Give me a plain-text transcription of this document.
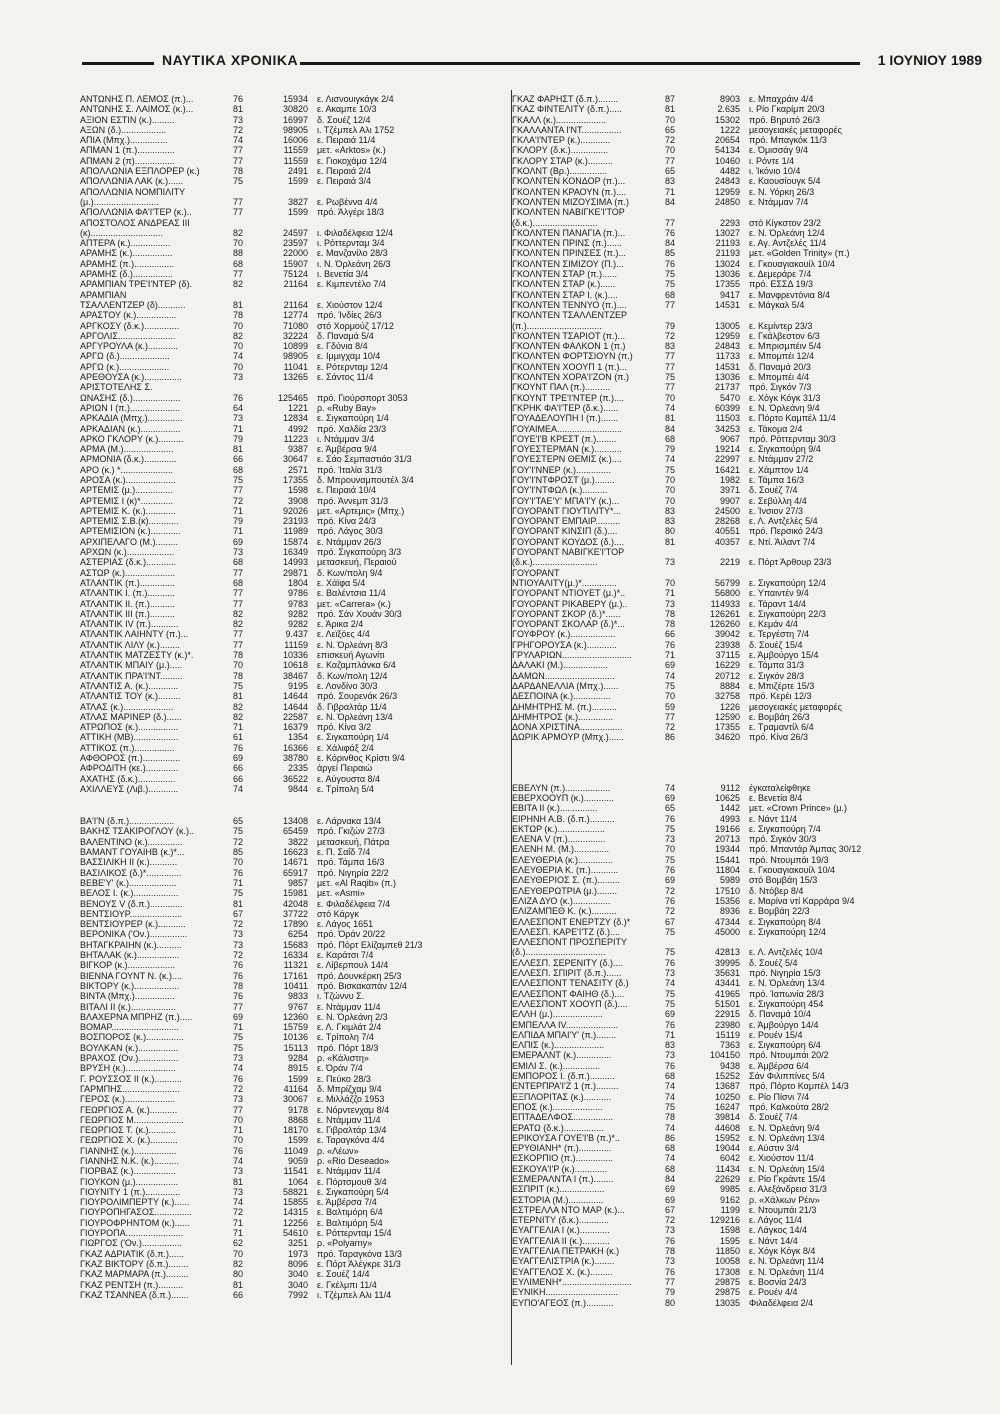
ΝΑΥΤΙΚΑ ΧΡΟΝΙΚΑ	1 ΙΟΥΝΙΟΥ 1989
ΑΝΤΩΝΗΣ Π. ΛΕΜΟΣ (π.)...	76	15934 ε. Λισνουιγκάγκ 2/4
ΑΝΤΩΝΗΣ Σ. ΛΑΙΜΟΣ (κ.)...	81	30820 ε. Ακαμπε 10/3
ΑΞΙΟΝ ΕΣΤΙΝ (κ.).........	73	16997 δ. Σουέζ 12/4
ΑΞΩΝ (δ.)..................	72	98905 ι. Τζέμπελ Αλι 1752
ΑΠΙΑ (Μπχ.)...............	74	16006 ε. Πειραιά 11/4
ΑΠΜΑΝ 1 (π.)...............	77	11559 μετ. «Arktos» (κ.)
ΑΠΜΑΝ 2 (π)................	77	11559 ε. Γιοκοχάμα 12/4
ΑΠΟΛΛΩΝΙΑ ΕΞΠΛΟΡΕΡ (κ.)	78	2491 ε. Πειραιά 2/4
ΑΠΟΛΛΩΝΙΑ ΛΑΚ (κ.)......	75	1599 ε. Πειραιά 3/4
ΑΠΟΛΛΩΝΙΑ ΝΟΜΠΙΛΙΤΥ
(μ.)..........................	77	3827 ε. Ρωβέννα 4/4
ΑΠΟΛΛΩΝΙΑ ΦΑ'Ι'ΤΕΡ (κ.)..	77	1599 πρό. Άλγέρι 18/3
ΑΠΟΣΤΟΛΟΣ ΑΝΔΡΕΑΣ III
(κ).............................	82	24597 ι. Φιλαδέλφεια 12/4
ΑΠΤΕΡΑ (κ.)................	70	23597 ι. Ρόττερνταμ 3/4
ΑΡΑΜΗΣ (κ.)................	88	22000 ε. Μανζανίλο 28/3
ΑΡΑΜΗΣ (π.)................	68	15907 ι. Ν. Όρλεάνη 26/3
ΑΡΑΜΗΣ (δ.)................	77	75124 ι. Βενετία 3/4
ΑΡΑΜΠΙΑΝ ΤΡΕ'Ι'ΝΤΕΡ (δ).	82	21164 ε. Κιμπεντέλο 7/4
ΑΡΑΜΠΙΑΝ
ΤΣΑΛΛΕΝΤΖΕΡ (δ)...........	81	21164 ε. Χιούστον 12/4
ΑΡΑΣΤΟΥ (κ.)................	78	12774 πρό. Ίνδίες 26/3
ΑΡΓΚΟΣΥ (δ.κ.)..............	70	71080 στό Χορμούζ 17/12
ΑΡΓΟΛΙΣ.......................	82	32224 δ. Παναμά 5/4
ΑΡΓΥΡΟΥΛΑ (κ.)............	70	10899 ε. Γδύνια 8/4
ΑΡΓΩ (δ.)....................	74	98905 ε. Ιμμιγχαμ 10/4
ΑΡΓΩ (κ.)....................	70	11041 ε. Ρότερνταμ 12/4
ΑΡΕΘΟΥΣΑ (κ.)...............	73	13265 ε. Σάντος 11/4
ΑΡΙΣΤΟΤΕΛΗΣ Σ.
ΩΝΑΣΗΣ (δ.)...................	76	125465 πρό. Γιούρσπορτ 3053
ΑΡΙΩΝ Ι (π.)....................	64	1221 ρ. «Ruby Bay»
ΑΡΚΑΔΙΑ (Μπχ.)..............	73	12834 ε. Σιγκαπούρη 1/4
ΑΡΚΑΔΙΑΝ (κ.)................	71	4992 πρό. Χαλδία 23/3
ΑΡΚΟ ΓΚΛΟΡΥ (κ.)..........	79	11223 ι. Ντάμμαν 3/4
ΑΡΜΑ (Μ.)....................	81	9387 ε. Άμβέρσα 9/4
ΑΡΜΟΝΙΑ (δ.κ.).............	66	30647 ε. Σάο Σεμπαστιάο 31/3
ΑΡΟ (κ.) *.....................	68	2571 πρό. Ίταλία 31/3
ΑΡΟΣΑ (κ.)....................	75	17355 δ. Μπρουναμπουτέλ 3/4
ΑΡΤΕΜΙΣ (μ.)...............	77	1598 ε. Πειραιά 10/4
ΑΡΤΕΜΙΣ Ι (κ)*.............	72	3908 πρό. Άννεμπ 31/3
ΑΡΤΕΜΙΣ Κ. (κ.)............	71	92026 μετ. «Αρτεμις» (Μπχ.)
ΑΡΤΕΜΙΣ Σ.Β.(κ)............	79	23193 πρό. Κίνα 24/3
ΑΡΤΕΜΙΣΙΟΝ (κ.)............	71	11989 πρό. Λάγος 30/3
ΑΡΧΙΠΕΛΑΓΟ (Μ.).........	69	15874 ε. Ντάμμαν 26/3
ΑΡΧΩΝ (κ.)...................	73	16349 πρό. Σιγκαπούρη 3/3
ΑΣΤΕΡΙΑΣ (δ.κ.)............	68	14993 μετασκευή, Περαιού
ΑΣΤΩΡ (κ.)....................	77	29871 δ. Κων/πολη 9/4
ΑΤΛΑΝΤΙΚ (π.)..............	68	1804 ε. Χάϊφα 5/4
ΑΤΛΑΝΤΙΚ Ι. (π.)...........	77	9786 ε. Βαλέντσια 11/4
ΑΤΛΑΝΤΙΚ ΙΙ. (π.)..........	77	9783 μετ. «Carrera» (κ.)
ΑΤΛΑΝΤΙΚ ΙΙΙ (π.)..........	82	9282 πρό. Σάν Χουάν 30/3
ΑΤΛΑΝΤΙΚ IV (π.)...........	82	9282 ε. Άρικα 2/4
ΑΤΛΑΝΤΙΚ ΛΑΙΗΝΤΥ (π.)...	77	9.437 ε. Λεϊξόες 4/4
ΑΤΛΑΝΤΙΚ ΛΙΛΥ (κ.)........	77	11159 ε. Ν. Όρλεάνη 8/3
ΑΤΛΑΝΤΙΚ ΜΑΤΖΕΣΤΥ (κ.)*.	78	10336 επισκευή Αγωνίτι
ΑΤΛΑΝΤΙΚ ΜΠΑΙΥ (μ.).....	70	10618 ε. Καζαμπλάνκα 6/4
ΑΤΛΑΝΤΙΚ ΠΡΑ'Ι'ΝΤ.........	78	38467 δ. Κων/πολη 12/4
ΑΤΛΑΝΤΙΣ Α. (κ.)............	75	9195 ε. Λονδίνο 30/3
ΑΤΛΑΝΤΙΣ ΤΟΥ (κ.).........	81	14644 πρό. Σουρενάκ 26/3
ΑΤΛΑΣ (κ.)....................	82	14644 δ. Γιβραλτάρ 11/4
ΑΤΛΑΣ ΜΑΡΙΝΕΡ (δ.)......	82	22587 ε. Ν. Όρλεάνη 13/4
ΑΤΡΩΠΟΣ (κ.)................	71	16379 πρό. Κίνα 3/2
ΑΤΤΙΚΗ (ΜΒ)..................	61	1354 ε. Σιγκαπούρη 1/4
ΑΤΤΙΚΟΣ (π.)................	76	16366 ε. Χάλιφάξ 2/4
ΑΦΘΟΡΟΣ (π.)...............	69	38780 ε. Κόρινθος Κρίστι 9/4
ΑΦΡΟΔΙΤΗ (κε.).............	66	2335 άργεί Πειραιώ
ΑΧΑΤΗΣ (δ.κ.)...............	66	36522 ε. Αύγουστα 8/4
ΑΧΙΛΛΕΥΣ (Λιβ.)............	74	9844 ε. Τρίπολη 5/4
ΒΑ'Ι'Ν (δ.π.)..................	65	13408 ε. Λάρνακα 13/4
ΒΑΚΗΣ ΤΣΑΚΙΡΟΓΛΟΥ (κ.)..	75	65459 πρό. Γκιζών 27/3
ΒΑΛΕΝΤΙΝΟ (κ.)..............	72	3822 μετασκευή, Πάτρα
ΒΑΜΑΝΤ ΓΟΥΑΙΗΒ (κ.)*...	85	16623 ε. Π. Σαΐδ 7/4
ΒΑΣΣΙΛΙΚΗ ΙΙ (κ.)...........	70	14671 πρό. Τάμπα 16/3
ΒΑΣΙΛΙΚΟΣ (δ.)*..............	76	65917 πρό. Νιγηρία 22/2
ΒΕΒΕ'Υ' (κ.)...................	71	9857 μετ. «Al Raqib» (π.)
ΒΕΛΟΣ Ι. (κ.)..................	75	15981 μετ. «Asmi»
ΒΕΝΟΥΣ V (δ.π.).............	81	42048 ε. Φιλαδέλφεια 7/4
ΒΕΝΤΣΙΟΥΡ.....................	67	37722 στό Κάργκ
ΒΕΝΤΣΙΟΥΡΕΡ (κ.)...........	72	17890 ε. Λάγος 1651
ΒΕΡΟΝΙΚΑ ('Ον.)...............	73	6254 πρό. Όράν 20/22
ΒΗΤΑΓΚΡΑΙΗΝ (κ.)..........	73	15683 πρό. Πόρτ Ελίζαμπεθ 21/3
ΒΗΤΑΛΑΚ (κ.).................	72	16334 ε. Καράτσι 7/4
ΒΙΓΚΟΡ (κ.)...................	76	11321 ε. Λίβερπουλ 14/4
ΒΙΕΝΝΑ ΓΟΥΝΤ Ν. (κ.)....	76	17161 πρό. Δουνκέρκη 25/3
ΒΙΚΤΟΡΥ (κ.)..................	78	10411 πρό. Βισκακαπάν 12/4
ΒΙΝΤΑ (Μπχ.)................	76	9833 ι. Τζώννυ Σ.
ΒΙΤΑΛΙ ΙΙ (κ.)..................	77	9767 ε. Ντάμμαν 11/4
ΒΛΑΧΕΡΝΑ ΜΠΡΗΖ (π.).....	69	12360 ε. Ν. Όρλεάνη 2/3
ΒΟΜΑΡ...........................	71	15759 ε. Λ. Γκιμλάτ 2/4
ΒΟΣΠΟΡΟΣ (κ.)...............	75	10136 ε. Τρίπολη 7/4
ΒΟΥΛΚΑΝ (κ.)................	75	15113 πρό. Πόρτ 18/3
ΒΡΑΧΟΣ (Ον.)................	73	9284 ρ. «Κάλιστη»
ΒΡΥΣΗ (κ.)....................	74	8915 ε. Όράν 7/4
Γ. ΡΟΥΣΣΟΣ ΙΙ (κ.)...........	76	1599 ε. Πεύκο 28/3
ΓΑΡΜΠΗΣ.......................	72	41164 δ. Μπρίζχαμ 9/4
ΓΕΡΟΣ (κ.)....................	73	30067 ε. Μιλλάζζο 1953
ΓΕΩΡΓΙΟΣ Α. (κ.)...........	77	9178 ε. Νόρντενχαμ 8/4
ΓΕΩΡΓΙΟΣ Μ....................	70	8868 ε. Ντάμμαν 11/4
ΓΕΩΡΓΙΟΣ Τ. (κ.)...........	71	18170 ε. Γιβραλτάρ 13/4
ΓΕΩΡΓΙΟΣ Χ. (κ.)...........	70	1599 ε. Ταραγκόνα 4/4
ΓΙΑΝΝΗΣ (κ.).................	76	11049 ρ. «Λέων»
ΓΙΑΝΝΗΣ Ν.Κ. (κ.)..........	74	9059 ρ. «Rio Deseado»
ΓΙΟΡΒΑΣ (κ.).................	73	11541 ε. Ντάμμαν 11/4
ΓΙΟΥΚΟΝ (μ.).................	81	1064 ε. Πόρτσμουθ 3/4
ΓΙΟΥΝΙΤΥ 1 (π.)..............	73	58821 ε. Σιγκαπούρη 5/4
ΓΙΟΥΡΟΛΙΜΠΕΡΤΥ (κ.)......	74	15855 ε. Άμβέρσα 7/4
ΓΙΟΥΡΟΠΗΓΑΣΟΣ...............	72	14315 ε. Βαλτιμόρη 6/4
ΓΙΟΥΡΟΦΡΗΝΤΟΜ (κ.)......	71	12256 ε. Βαλτιμόρη 5/4
ΓΙΟΥΡΟΠΑ.......................	71	54610 ε. Ρόττερνταμ 15/4
ΓΙΩΡΓΟΣ ('Ον.)................	62	3251 ρ. «Polyarny»
ΓΚΑΖ ΑΔΡΙΑΤΙΚ (δ.π.)......	70	1973 πρό. Ταραγκόνα 13/3
ΓΚΑΖ ΒΙΚΤΟΡΥ (δ.π.)........	82	8096 ε. Πόρτ Άλέγκρε 31/3
ΓΚΑΖ ΜΑΡΜΑΡΑ (π.).........	80	3040 ε. Σουέζ 14/4
ΓΚΑΖ ΡΕΝΤΣΗ (π.)..........	81	3040 ε. Γκέλμπι 11/4
ΓΚΑΖ ΤΣΑΝΝΕΑ (δ.π.).......	66	7992 ι. Τζέμπελ Αλι 11/4
ΓΚΑΖ ΦΑΡΗΣΤ (δ.π.)........	87	8903 ε. Μπαχράιν 4/4
ΓΚΑΖ ΦΙΝΤΕΛΙΤΥ (δ.π.).....	81	2.635 ι. Ρίο Γκαρίμπ 20/3
ΓΚΑΛΛ (κ.)....................	70	15302 πρό. Βηρυτό 26/3
ΓΚΑΛΛΑΝΤΑ Ι'ΝΤ................	65	1222 μεσογειακές μεταφορές
ΓΚΛΑ'Ι'ΝΤΕΡ (κ.)............	72	20654 πρό. Μπαγκόκ 11/3
ΓΚΛΟΡΥ (δ.κ.)...............	70	54134 ε. Όμισσάγ 9/4
ΓΚΛΟΡΥ ΣΤΑΡ (κ.)..........	77	10460 ι. Ρόντε 1/4
ΓΚΟΛΝΤ (Βρ.)...............	65	4482 ι. Ίκόνιο 10/4
ΓΚΟΛΝΤΕΝ ΚΟΝΔΟΡ (π.)...	83	24843 ε. Καουσίουγκ 5/4
ΓΚΟΛΝΤΕΝ ΚΡΑΟΥΝ (π.)....	71	12959 ε. Ν. Υόρκη 26/3
ΓΚΟΛΝΤΕΝ ΜΙΖΟΥΣΙΜΑ (π.)	84	24850 ε. Ντάμμαν 7/4
ΓΚΟΛΝΤΕΝ ΝΑΒΙΓΚΕ'Ι'ΤΟΡ
(δ.κ.)..........................	77	2293 στό Κίγκστον 23/2
ΓΚΟΛΝΤΕΝ ΠΑΝΑΓΙΑ (π.)...	76	13027 ε. Ν. Όρλεάνη 12/4
ΓΚΟΛΝΤΕΝ ΠΡΙΝΣ (π.)......	84	21193 ε. Αγ. Αντζελές 11/4
ΓΚΟΛΝΤΕΝ ΠΡΙΝΣΕΣ (π.)...	85	21193 μετ. «Golden Trinity» (π.)
ΓΚΟΛΝΤΕΝ ΣΙΜΙΖΟΥ (Π.)...	76	13024 ε. Γκουαγιακουίλ 10/4
ΓΚΟΛΝΤΕΝ ΣΤΑΡ (π.)......	75	13036 ε. Δεμεράρε 7/4
ΓΚΟΛΝΤΕΝ ΣΤΑΡ (κ.)......	75	17355 πρό. ΕΣΣΔ 19/3
ΓΚΟΛΝΤΕΝ ΣΤΑΡ Ι. (κ.)....	68	9417 ε. Μανφρεντόνια 8/4
ΓΚΟΛΝΤΕΝ ΤΕΝΝΥΟ (π.)....	77	14531 ε. Μάγκαλ 5/4
ΓΚΟΛΝΤΕΝ ΤΣΑΛΛΕΝΤΖΕΡ
(π.)..............................	79	13005 ε. Κεμίντερ 23/3
ΓΚΟΛΝΤΕΝ ΤΣΑΡΙΟΤ (π.)...	72	12959 ε. Γκάλβεστον 6/3
ΓΚΟΛΝΤΕΝ ΦΑΛΚΟΝ 1 (π.)	83	24843 ε. Μπρισμπέιν 5/4
ΓΚΟΛΝΤΕΝ ΦΟΡΤΣΙΟΥΝ (π.)	77	11733 ε. Μπομπέι 12/4
ΓΚΟΛΝΤΕΝ ΧΟΟΥΠ 1 (π.)...	77	14531 δ. Παναμά 20/3
ΓΚΟΛΝΤΕΝ ΧΟΡΑ'Ι'ΖΟΝ (π.)	75	13036 ε. Μπομπέι 4/4
ΓΚΟΥΝΤ ΠΑΛ (π.)..........	77	21737 πρό. Σιγκόν 7/3
ΓΚΟΥΝΤ ΤΡΕ'Ι'ΝΤΕΡ (π.)....	70	5470 ε. Χόγκ Κόγκ 31/3
ΓΚΡΗΚ ΦΑ'Ι'ΤΕΡ (δ.κ.)......	74	60399 ε. Ν. Όρλεάνη 9/4
ΓΟΥΑΔΕΛΟΥΠΗ Ι (π.).......	81	11503 ε. Πόρτο Καμπέλ 11/4
ΓΟΥΑΙΜΕΑ..........................	84	34253 ε. Τάκομα 2/4
ΓΟΥΕ'Ι'Β ΚΡΕΣΤ (π.)........	68	9067 πρό. Ρόττερνταμ 30/3
ΓΟΥΕΣΤΕΡΜΑΝ (κ.)...........	79	19214 ε. Σιγκαπούρη 9/4
ΓΟΥΕΣΤΕΡΝ ΘΕΜΙΣ (κ.)....	74	22997 ε. Ντάμμαν 27/2
ΓΟΥ'Ι'ΝΝΕΡ (κ.)..............	75	16421 ε. Χάμπτον 1/4
ΓΟΥ'Ι'ΝΤΦΡΟΣΤ (μ.)........	70	1982 ε. Τάμπα 16/3
ΓΟΥ'Ι'ΝΤΦΩΛ (κ.)..........	70	3971 δ. Σουέζ 7/4
ΓΟΥ'Ι'ΤΑΕ'Υ' ΜΠΑ'Ι'Υ (κ.)...	70	9907 ε. Σεβύλλη 4/4
ΓΟΥΟΡΑΝΤ ΓΙΟΥΤΙΛΙΤΥ*...	83	24500 ε. Ίνσιον 27/3
ΓΟΥΟΡΑΝΤ ΕΜΠΑΙΡ..........	83	28268 ε. Λ. Αντζελές 5/4
ΓΟΥΟΡΑΝΤ ΚΙΝΣΙΠ (δ.)....	80	40551 πρό. Περσικό 24/3
ΓΟΥΟΡΑΝΤ ΚΟΥΔΟΣ (δ.)....	81	40357 ε. Ντί. Άιλαντ 7/4
ΓΟΥΟΡΑΝΤ ΝΑΒΙΓΚΕ'Ι'ΤΟΡ
(δ.κ.)..........................	73	2219 ε. Πόρτ Άρθουρ 23/3
ΓΟΥΟΡΑΝΤ
ΝΤΙΟΥΑΛΙΤΥ(μ.)*..............	70	56799 ε. Σιγκαπούρη 12/4
ΓΟΥΟΡΑΝΤ ΝΤΙΟΥΕΤ (μ.)*..	71	56800 ε. Υπαιντέν 9/4
ΓΟΥΟΡΑΝΤ ΡΙΚΑΒΕΡΥ (μ.)..	73	114933 ε. Τάραντ 14/4
ΓΟΥΟΡΑΝΤ ΣΚΟΡ (δ.)*......	78	126261 ε. Σιγκαπούρη 22/3
ΓΟΥΟΡΑΝΤ ΣΚΟΛΑΡ (δ.)*...	78	126260 ε. Κεμάν 4/4
ΓΟΥΦΡΟΥ (κ.)..................	66	39042 ε. Τεργέστη 7/4
ΓΡΗΓΟΡΟΥΣΑ (κ.)............	76	23938 δ. Σουέζ 15/4
ΓΡΥΛΑΡΙΩΝ............................	71	37115 ε. Άμβούργο 15/4
ΔΑΛΑΚΙ (Μ.)..................	69	16229 ε. Τάμπα 31/3
ΔΑΜΩΝ............................	74	20712 ε. Σιγκόν 28/3
ΔΑΡΔΑΝΕΛΛΙΑ (Μπχ.)......	75	8884 ε. Μπιζέρτε 15/3
ΔΕΣΠΟΙΝΑ (κ.)...............	70	32758 πρό. Κερέι 12/3
ΔΗΜΗΤΡΗΣ Μ. (π.)..........	59	1226 μεσογειακές μεταφορές
ΔΗΜΗΤΡΟΣ (κ.)..............	77	12590 ε. Βομβάη 26/3
ΔΟΝΑ ΧΡΙΣΤΙΝΑ.................	72	17355 ε. Τραμαντίλ 6/4
ΔΩΡΙΚ ΑΡΜΟΥΡ (Μπχ.)......	86	34620 πρό. Κίνα 26/3
ΕΒΕΛΥΝ (π.)..................	74	9112 έγκαταλείφθηκε
ΕΒΕΡΧΟΟΥΠ (κ.)............	69	10625 ε. Βενετία 8/4
ΕΒΙΤΑ ΙΙ (κ.)...............	65	1442 μετ. «Crown Prince» (μ.)
ΕΙΡΗΝΗ Α.Β. (δ.π.)..........	76	4993 ε. Νάντ 11/4
ΕΚΤΩΡ (κ.)...................	75	19166 ε. Σιγκαπούρη 7/4
ΕΛΕΝΑ V (π.)...............	73	20713 πρό. Σιγκόν 30/3
ΕΛΕΝΗ Μ. (Μ.)..............	70	19344 πρό. Μπαντάρ Άμπας 30/12
ΕΛΕΥΘΕΡΙΑ (κ.)..............	75	15441 πρό. Ντουμπάι 19/3
ΕΛΕΥΘΕΡΙΑ Κ. (π.)...........	76	11804 ε. Γκουαγιακουίλ 10/4
ΕΛΕΥΘΕΡΙΟΣ Σ. (π.).........	69	5989 στό Βομβάη 15/3
ΕΛΕΥΘΕΡΩΤΡΙΑ (μ.)........	72	17510 δ. Ντόβερ 8/4
ΕΛΙΖΑ ΔΥΟ (κ.)...............	76	15356 ε. Μαρίνα ντί Καρράρα 9/4
ΕΛΙΖΑΜΠΕΘ Κ. (κ.)..........	72	8936 ε. Βομβάη 22/3
ΕΛΛΕΣΠΟΝΤ ΕΝΕΡΤΖΥ (δ.)*	67	47344 ε. Σιγκαπούρη 8/4
ΕΛΛΕΣΠ. ΚΑΡΕ'Ι'ΤΖ (δ.)....	75	45000 ε. Σιγκαπούρη 12/4
ΕΛΛΕΣΠΟΝΤ ΠΡΟΣΠΕΡΙΤΥ
(δ.)................................	75	42813 ε. Λ. Αντζελές 10/4
ΕΛΛΕΣΠ. ΣΕΡΕΝΙΤΥ (δ.)....	76	39995 δ. Σουέζ 5/4
ΕΛΛΕΣΠ. ΣΠΙΡΙΤ (δ.π.)......	73	35631 πρό. Νιγηρία 15/3
ΕΛΛΕΣΠΟΝΤ ΤΕΝΑΣΙΤΥ (δ.)	74	43441 ε. Ν. Όρλεάνη 13/4
ΕΛΛΕΣΠΟΝΤ ΦΑΙΗΘ (δ.)....	75	41965 πρό. Ίαπωνία 28/3
ΕΛΛΕΣΠΟΝΤ ΧΟΟΥΠ (δ.)....	75	51501 ε. Σιγκαπούρη 454
ΕΛΛΗ (μ.)....................	69	22915 δ. Παναμά 10/4
ΕΜΠΕΛΛΑ IV.....................	76	23980 ε. Άμβούργο 14/4
ΕΛΠΙΔΑ ΜΠΑΙ'Υ' (π.)........	71	15119 ε. Ρουέν 15/4
ΕΛΠΙΣ (κ.)....................	83	7363 ε. Σιγκαπούρη 6/4
ΕΜΕΡΑΛΝΤ (κ.)..............	73	104150 πρό. Ντουμπάι 20/2
ΕΜΙΛΙ Σ. (κ.)...............	76	9438 ε. Άμβέρσα 6/4
ΕΜΠΟΡΟΣ Ι. (δ.π.)..........	68	15252 Σάν Φιλιππίνες 5/4
ΕΝΤΕΡΠΡΑ'Ι'Ζ 1 (π.).........	74	13687 πρό. Πόρτο Καμπέλ 14/3
ΕΞΠΛΟΡΙΤΑΣ (κ.)...........	74	10250 ε. Ρίο Πίσνι 7/4
ΕΠΟΣ (κ.)....................	75	16247 πρό. Καλκούτα 28/2
ΕΠΤΑΔΕΛΦΟΣ................	78	39814 δ. Σουέζ 7/4
ΕΡΑΤΩ (δ.κ.)................	74	44608 ε. Ν. Όρλεάνη 9/4
ΕΡΙΚΟΥΣΑ ΓΟΥΕ'Ι'Β (π.)*..	86	15952 ε. Ν. Όρλεάνη 13/4
ΕΡΥΘΙΑΝΗ* (π.).............	68	19044 ε. Αύστιν 3/4
ΕΣΚΟΡΠΙΟ (π.)...............	74	6042 ε. Χιούστον 11/4
ΕΣΚΟΥΑ'Ι'Ρ (κ.).............	68	11434 ε. Ν. Όρλεάνη 15/4
ΕΣΜΕΡΑΛΝΤΑ Ι (π.)........	84	22629 ε. Ρίο Γκράντε 15/4
ΕΣΠΡΙΤ (κ.)..................	69	9985 ε. Αλεξάνδρεια 31/3
ΕΣΤΟΡΙΑ (Μ.)..............	69	9162 ρ. «Χάλκων Ρέιν»
ΕΣΤΡΕΛΛΑ ΝΤΟ ΜΑΡ (κ.)...	67	1199 ε. Ντουμπάι 21/3
ΕΤΕΡΝΙΤΥ (δ.κ.)............	72	129216 ε. Λάγος 11/4
ΕΥΑΓΓΕΛΙΑ Ι (κ.)............	73	1598 ε. Λάγκος 14/4
ΕΥΑΓΓΕΛΙΑ ΙΙ (κ.)...........	76	1595 ε. Νάντ 14/4
ΕΥΑΓΓΕΛΙΑ ΠΕΤΡΑΚΗ (κ.)	78	11850 ε. Χόγκ Κόγκ 8/4
ΕΥΑΓΓΕΛΙΣΤΡΙΑ (κ.)........	73	10058 ε. Ν. Όρλεάνη 11/4
ΕΥΑΓΓΕΛΟΣ Χ. (κ.).........	76	17308 ε. Ν. Όρλεάνη 11/4
ΕΥΛΙΜΕΝΗ*............................	77	29875 ε. Βοσνία 24/3
ΕΥΝΙΚΗ.............................	79	29875 ε. Ρουέν 4/4
ΕΥΠΟ'ΑΓΕΟΣ (π.)...........	80	13035 Φιλαδέλφεια 2/4
